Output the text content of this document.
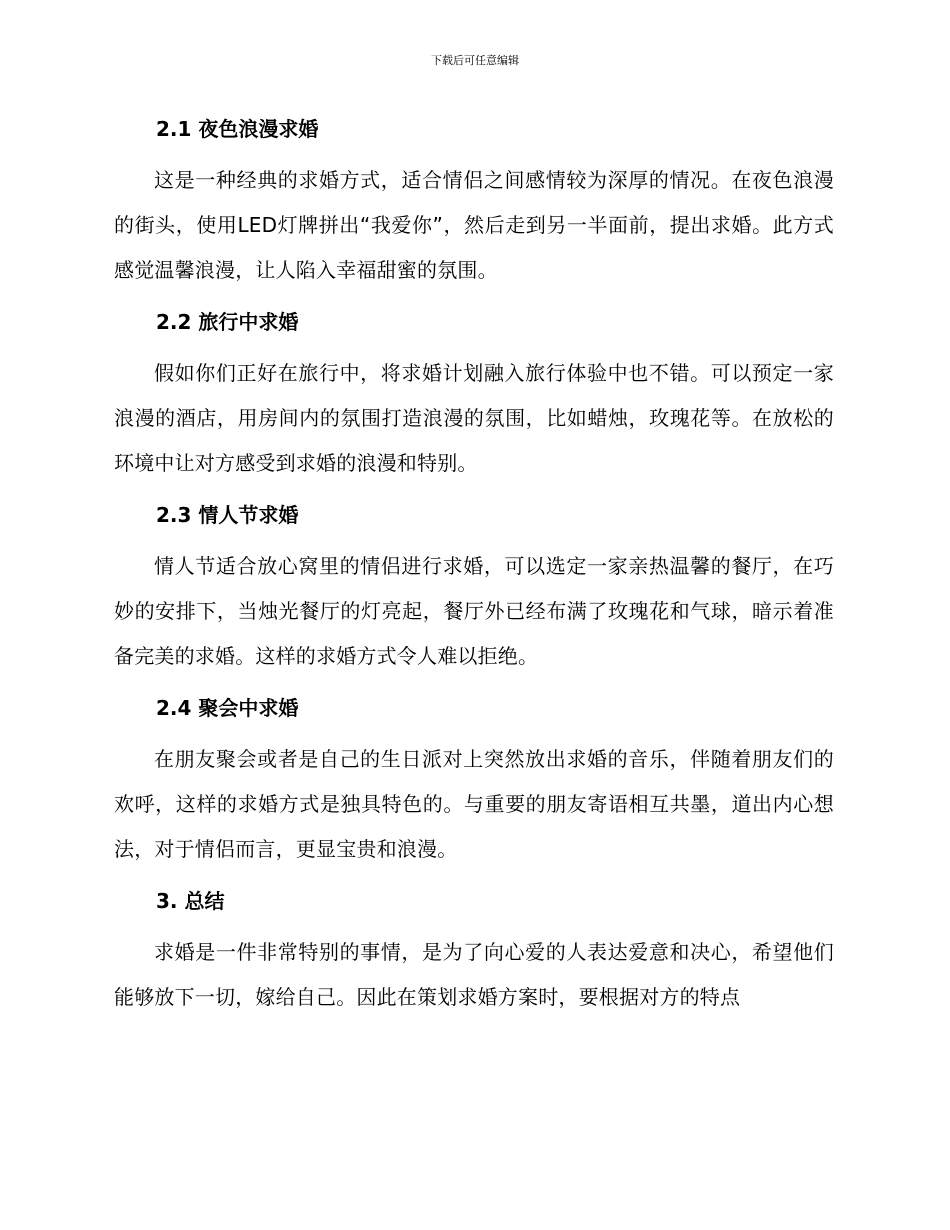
下载后可任意编辑
2.1 夜色浪漫求婚

这是一种经典的求婚方式，适合情侣之间感情较为深厚的情况。在夜色浪漫的街头，使用LED灯牌拼出“我爱你”，然后走到另一半面前，提出求婚。此方式感觉温馨浪漫，让人陷入幸福甜蜜的氛围。

2.2 旅行中求婚

假如你们正好在旅行中，将求婚计划融入旅行体验中也不错。可以预定一家浪漫的酒店，用房间内的氛围打造浪漫的氛围，比如蜡烛，玫瑰花等。在放松的环境中让对方感受到求婚的浪漫和特别。

2.3 情人节求婚

情人节适合放心窝里的情侣进行求婚，可以选定一家亲热温馨的餐厅，在巧妙的安排下，当烛光餐厅的灯亮起，餐厅外已经布满了玫瑰花和气球，暗示着准备完美的求婚。这样的求婚方式令人难以拒绝。

2.4 聚会中求婚

在朋友聚会或者是自己的生日派对上突然放出求婚的音乐，伴随着朋友们的欢呼，这样的求婚方式是独具特色的。与重要的朋友寄语相互共墨，道出内心想法，对于情侣而言，更显宝贵和浪漫。

3. 总结

求婚是一件非常特别的事情，是为了向心爱的人表达爱意和决心，希望他们能够放下一切，嫁给自己。因此在策划求婚方案时，要根据对方的特点
